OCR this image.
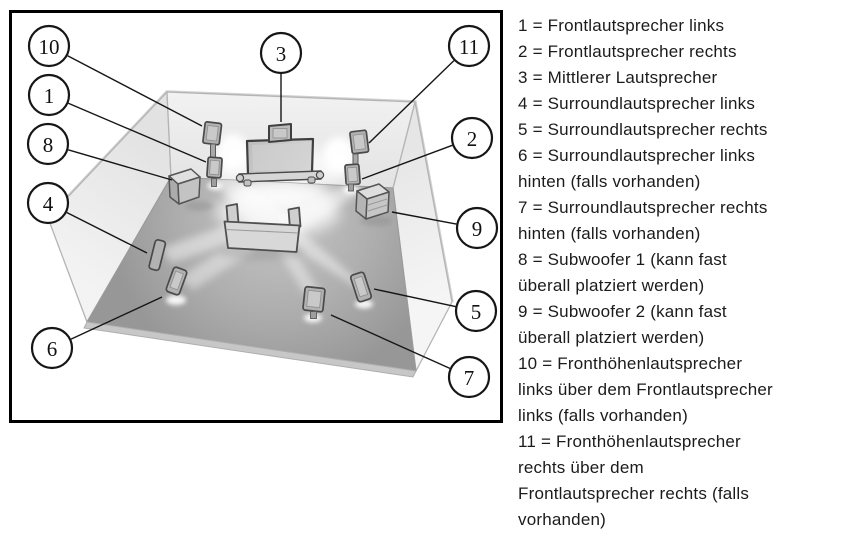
10
1
8
4
6
3	11
2
9
5
7
1 = Frontlautsprecher links
2 = Frontlautsprecher rechts
3 = Mittlerer Lautsprecher
4 = Surroundlautsprecher links
5 = Surroundlautsprecher rechts
6 = Surroundlautsprecher links
hinten (falls vorhanden)
7 = Surroundlautsprecher rechts
hinten (falls vorhanden)
8 = Subwoofer 1 (kann fast
überall platziert werden)
9 = Subwoofer 2 (kann fast
überall platziert werden)
10 = Fronthöhenlautsprecher
links über dem Frontlautsprecher
links (falls vorhanden)
11 = Fronthöhenlautsprecher
rechts über dem
Frontlautsprecher rechts (falls
vorhanden)
